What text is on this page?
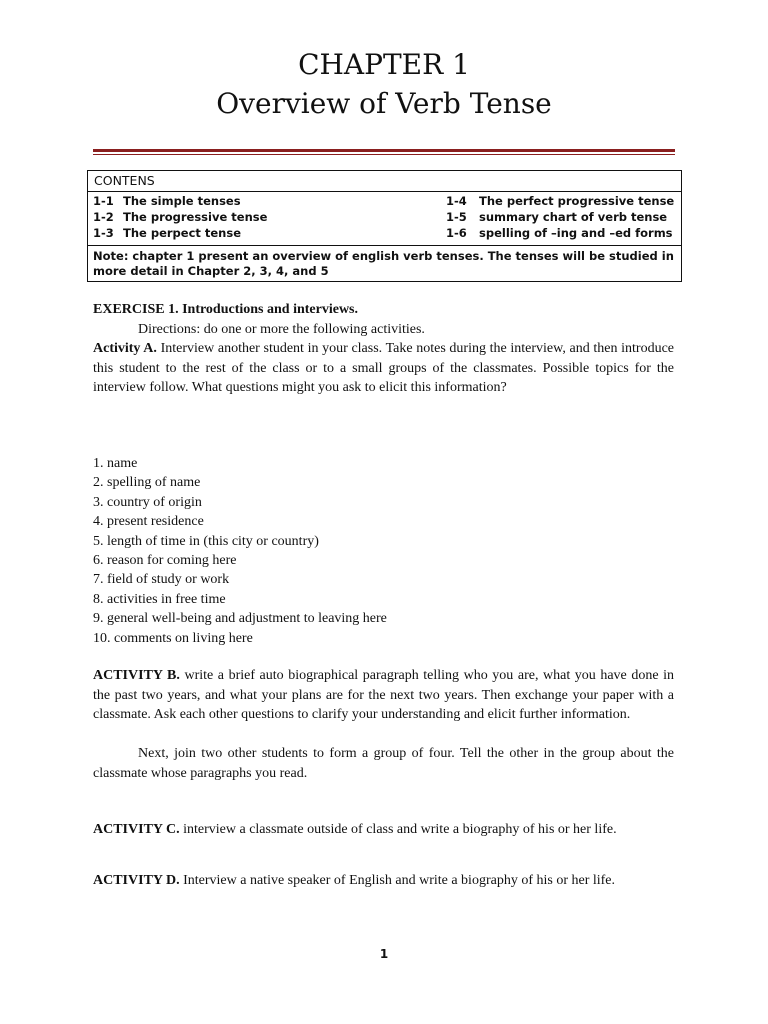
CHAPTER 1
Overview of Verb Tense
CONTENS
1-1 The simple tenses
1-2 The progressive tense
1-3 The perpect tense
1-4 The perfect progressive tense
1-5 summary chart of verb tense
1-6 spelling of –ing and –ed forms
Note: chapter 1 present an overview of english verb tenses. The tenses will be studied in more detail in Chapter 2, 3, 4, and 5
EXERCISE 1. Introductions and interviews.
Directions: do one or more the following activities.
Activity A. Interview another student in your class. Take notes during the interview, and then introduce this student to the rest of the class or to a small groups of the classmates. Possible topics for the interview follow. What questions might you ask to elicit this information?
1. name
2. spelling of name
3. country of origin
4. present residence
5. length of time in (this city or country)
6. reason for coming here
7. field of study or work
8. activities in free time
9. general well-being and adjustment to leaving here
10. comments on living here
ACTIVITY B. write a brief auto biographical paragraph telling who you are, what you have done in the past two years, and what your plans are for the next two years. Then exchange your paper with a classmate. Ask each other questions to clarify your understanding and elicit further information.
Next, join two other students to form a group of four. Tell the other in the group about the classmate whose paragraphs you read.
ACTIVITY C. interview a classmate outside of class and write a biography of his or her life.
ACTIVITY D. Interview a native speaker of English and write a biography of his or her life.
1
